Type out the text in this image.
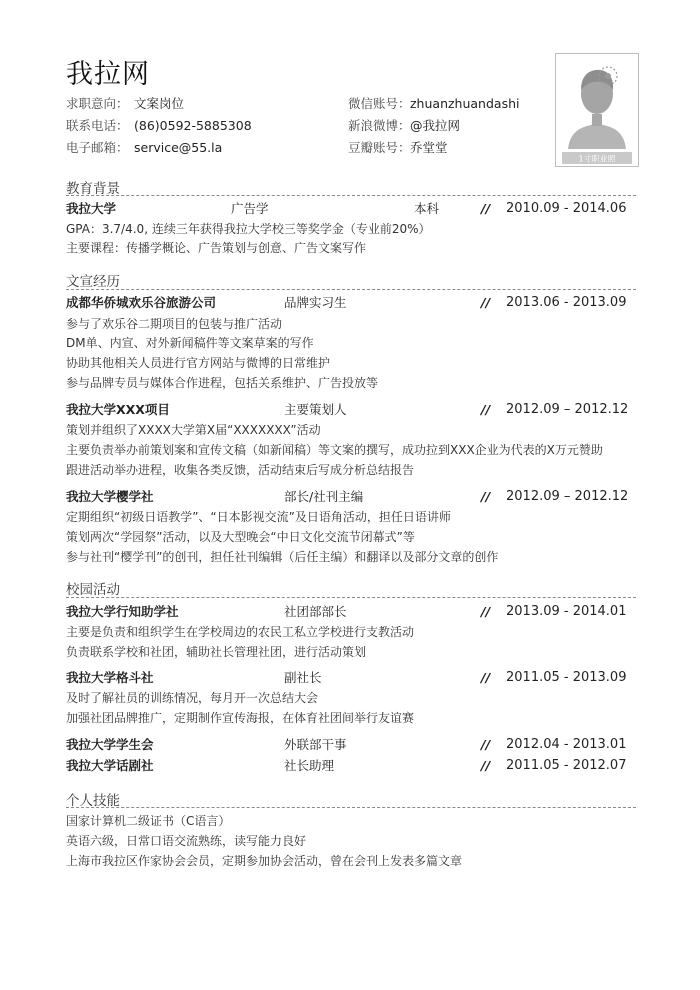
我拉网
求职意向： 文案岗位
联系电话： (86)0592-5885308
电子邮箱： service@55.la
微信账号：zhuanzhuandashi
新浪微博：@我拉网
豆瓣账号：乔堂堂
1寸职业照
教育背景
我拉大学	广告学	本科	// 2010.09 - 2014.06
GPA：3.7/4.0, 连续三年获得我拉大学校三等奖学金（专业前20%）
主要课程：传播学概论、广告策划与创意、广告文案写作
文宣经历
成都华侨城欢乐谷旅游公司	品牌实习生	// 2013.06 - 2013.09
参与了欢乐谷二期项目的包装与推广活动
DM单、内宣、对外新闻稿件等文案草案的写作
协助其他相关人员进行官方网站与微博的日常维护
参与品牌专员与媒体合作进程，包括关系维护、广告投放等
我拉大学XXX项目	主要策划人	// 2012.09 – 2012.12
策划并组织了XXXX大学第X届“XXXXXXX”活动
主要负责举办前策划案和宣传文稿（如新闻稿）等文案的撰写，成功拉到XXX企业为代表的X万元赞助
跟进活动举办进程，收集各类反馈，活动结束后写成分析总结报告
我拉大学樱学社	部长/社刊主编	// 2012.09 – 2012.12
定期组织“初级日语教学”、“日本影视交流”及日语角活动，担任日语讲师
策划两次“学园祭”活动，以及大型晚会“中日文化交流节闭幕式”等
参与社刊“樱学刊”的创刊，担任社刊编辑（后任主编）和翻译以及部分文章的创作
校园活动
我拉大学行知助学社	社团部部长	// 2013.09 - 2014.01
主要是负责和组织学生在学校周边的农民工私立学校进行支教活动
负责联系学校和社团，辅助社长管理社团，进行活动策划
我拉大学格斗社	副社长	// 2011.05 - 2013.09
及时了解社员的训练情况，每月开一次总结大会
加强社团品牌推广，定期制作宣传海报，在体育社团间举行友谊赛
我拉大学学生会	外联部干事	// 2012.04 - 2013.01
我拉大学话剧社	社长助理	// 2011.05 - 2012.07
个人技能
国家计算机二级证书（C语言）
英语六级，日常口语交流熟练，读写能力良好
上海市我拉区作家协会会员，定期参加协会活动，曾在会刊上发表多篇文章
